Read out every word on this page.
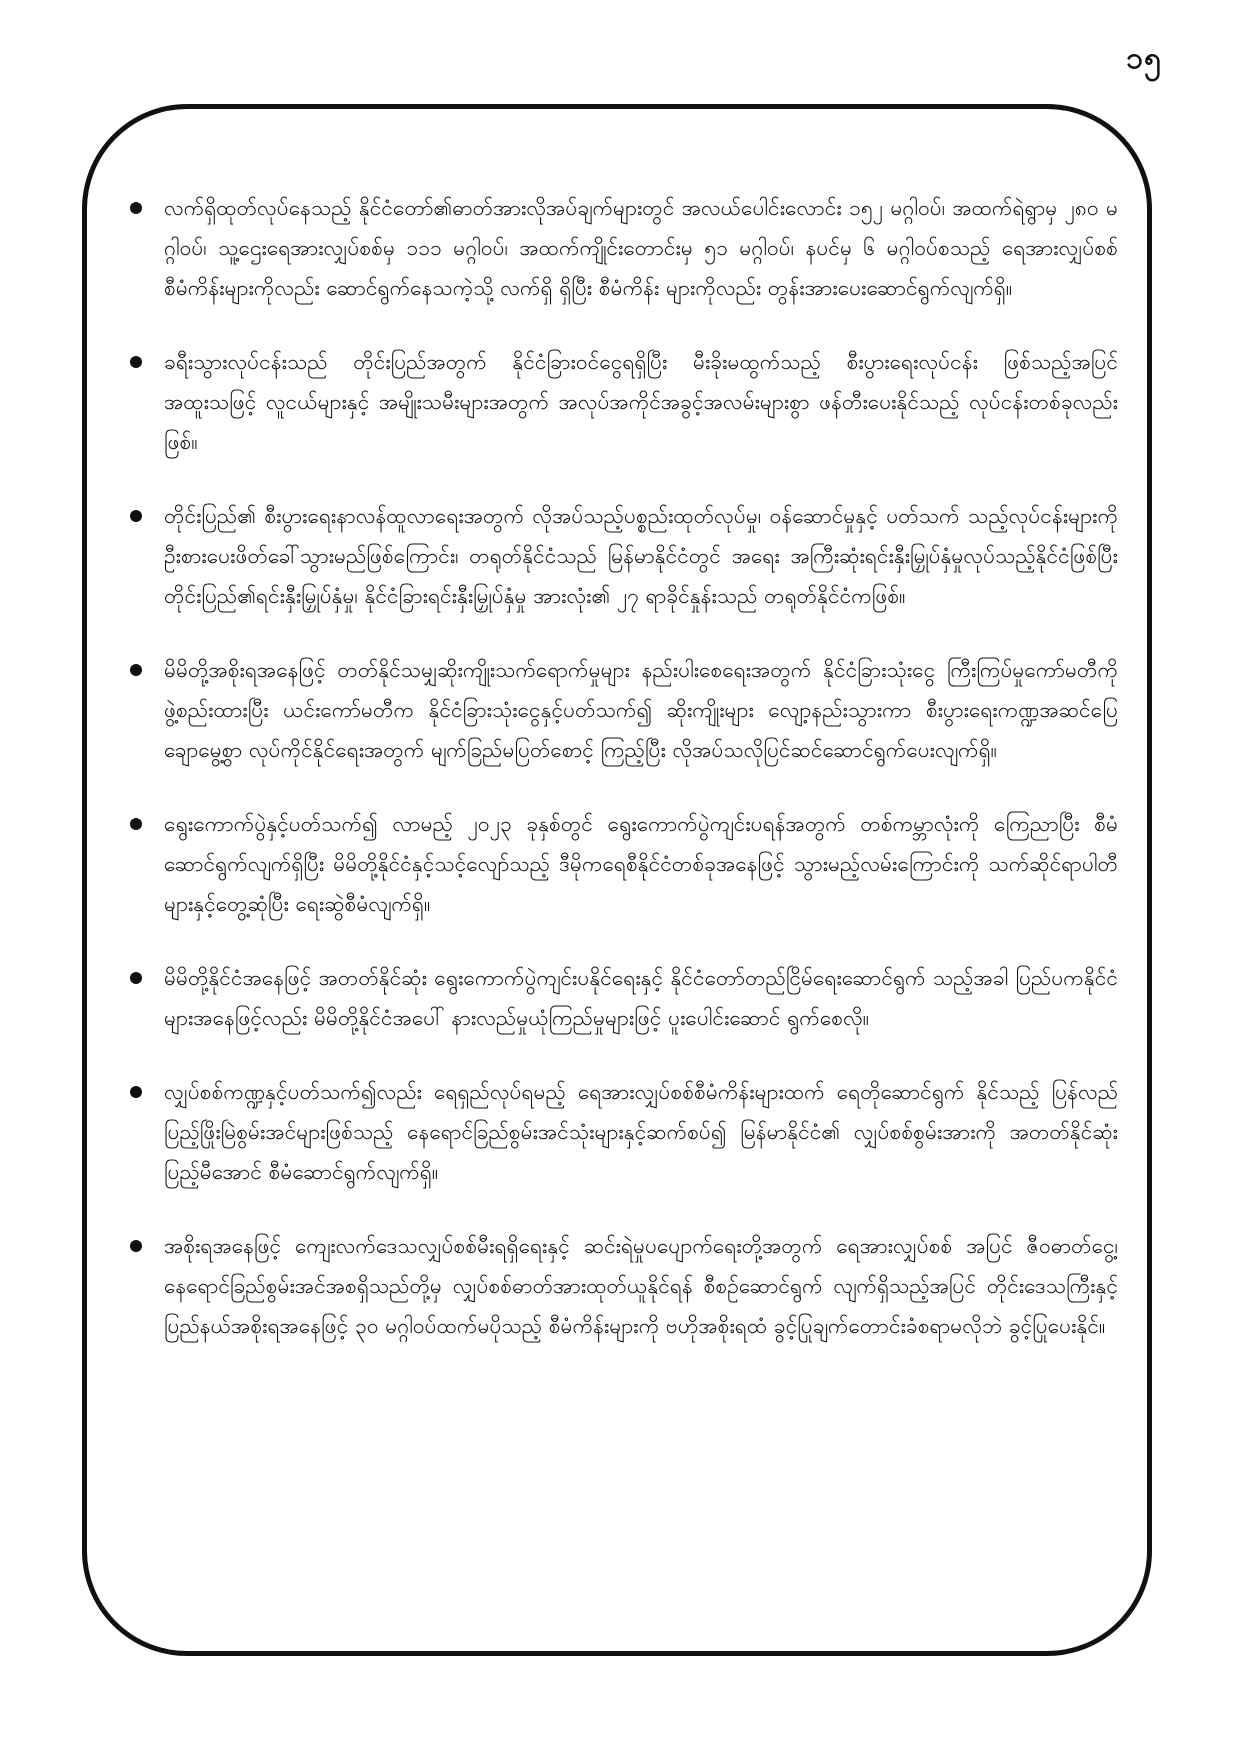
၁၅
လက်ရှိထုတ်လုပ်နေသည့် နိုင်ငံတော်၏ဓာတ်အားလိုအပ်ချက်များတွင် အလယ်ပေါင်းလောင်း ၁၅၂ မဂ္ဂါဝပ်၊ အထက်ရဲရွာမှ ၂၈၀ မဂ္ဂါဝပ်၊ သူ့ဌေးရေအားလျှပ်စစ်မှ ၁၁၁ မဂ္ဂါဝပ်၊ အထက်ကျိုင်းတောင်းမှ ၅၁ မဂ္ဂါဝပ်၊ နပင်မှ ၆ မဂ္ဂါဝပ်စသည့် ရေအားလျှပ်စစ်စီမံကိန်းများကိုလည်း ဆောင်ရွက်နေသကဲ့သို့ လက်ရှိ ရှိပြီး စီမံကိန်း များကိုလည်း တွန်းအားပေးဆောင်ရွက်လျက်ရှိ။
ခရီးသွားလုပ်ငန်းသည် တိုင်းပြည်အတွက် နိုင်ငံခြားဝင်ငွေရရှိပြီး မီးခိုးမထွက်သည့် စီးပွားရေးလုပ်ငန်း ဖြစ်သည့်အပြင် အထူးသဖြင့် လူငယ်များနှင့် အမျိုးသမီးများအတွက် အလုပ်အကိုင်အခွင့်အလမ်းများစွာ ဖန်တီးပေးနိုင်သည့် လုပ်ငန်းတစ်ခုလည်းဖြစ်။
တိုင်းပြည်၏ စီးပွားရေးနာလန်ထူလာရေးအတွက် လိုအပ်သည့်ပစ္စည်းထုတ်လုပ်မှု၊ ဝန်ဆောင်မှုနှင့် ပတ်သက် သည့်လုပ်ငန်းများကို ဦးစားပေးဖိတ်ခေါ်သွားမည်ဖြစ်ကြောင်း၊ တရုတ်နိုင်ငံသည် မြန်မာနိုင်ငံတွင် အရေး အကြီးဆုံးရင်းနှီးမြှုပ်နှံမှုလုပ်သည့်နိုင်ငံဖြစ်ပြီး တိုင်းပြည်၏ရင်းနှီးမြှုပ်နှံမှု၊ နိုင်ငံခြားရင်းနှီးမြှုပ်နှံမှု အားလုံး၏ ၂၇ ရာခိုင်နှုန်းသည် တရုတ်နိုင်ငံကဖြစ်။
မိမိတို့အစိုးရအနေဖြင့် တတ်နိုင်သမျှဆိုးကျိုးသက်ရောက်မှုများ နည်းပါးစေရေးအတွက် နိုင်ငံခြားသုံးငွေ ကြီးကြပ်မှုကော်မတီကိုဖွဲ့စည်းထားပြီး ယင်းကော်မတီက နိုင်ငံခြားသုံးငွေနှင့်ပတ်သက်၍ ဆိုးကျိုးများ လျော့နည်းသွားကာ စီးပွားရေးကဏ္ဍအဆင်ပြေချောမွေ့စွာ လုပ်ကိုင်နိုင်ရေးအတွက် မျက်ခြည်မပြတ်စောင့် ကြည့်ပြီး လိုအပ်သလိုပြင်ဆင်ဆောင်ရွက်ပေးလျက်ရှိ။
ရွေးကောက်ပွဲနှင့်ပတ်သက်၍ လာမည့် ၂၀၂၃ ခုနှစ်တွင် ရွေးကောက်ပွဲကျင်းပရန်အတွက် တစ်ကမ္ဘာလုံးကို ကြေညာပြီး စီမံဆောင်ရွက်လျက်ရှိပြီး မိမိတို့နိုင်ငံနှင့်သင့်လျော်သည့် ဒီမိုကရေစီနိုင်ငံတစ်ခုအနေဖြင့် သွားမည့်လမ်းကြောင်းကို သက်ဆိုင်ရာပါတီများနှင့်တွေ့ဆုံပြီး ရေးဆွဲစီမံလျက်ရှိ။
မိမိတို့နိုင်ငံအနေဖြင့် အတတ်နိုင်ဆုံး ရွေးကောက်ပွဲကျင်းပနိုင်ရေးနှင့် နိုင်ငံတော်တည်ငြိမ်ရေးဆောင်ရွက် သည့်အခါ ပြည်ပကနိုင်ငံများအနေဖြင့်လည်း မိမိတို့နိုင်ငံအပေါ် နားလည်မှုယုံကြည်မှုများဖြင့် ပူးပေါင်းဆောင် ရွက်စေလို။
လျှပ်စစ်ကဏ္ဍနှင့်ပတ်သက်၍လည်း ရေရှည်လုပ်ရမည့် ရေအားလျှပ်စစ်စီမံကိန်းများထက် ရေတိုဆောင်ရွက် နိုင်သည့် ပြန်လည်ပြည့်ဖြိုးမြဲစွမ်းအင်များဖြစ်သည့် နေရောင်ခြည်စွမ်းအင်သုံးများနှင့်ဆက်စပ်၍ မြန်မာနိုင်ငံ၏ လျှပ်စစ်စွမ်းအားကို အတတ်နိုင်ဆုံးပြည့်မီအောင် စီမံဆောင်ရွက်လျက်ရှိ။
အစိုးရအနေဖြင့် ကျေးလက်ဒေသလျှပ်စစ်မီးရရှိရေးနှင့် ဆင်းရဲမှုပပျောက်ရေးတို့အတွက် ရေအားလျှပ်စစ် အပြင် ဇီဝဓာတ်ငွေ့၊ နေရောင်ခြည်စွမ်းအင်အစရှိသည်တို့မှ လျှပ်စစ်ဓာတ်အားထုတ်ယူနိုင်ရန် စီစဉ်ဆောင်ရွက် လျက်ရှိသည့်အပြင် တိုင်းဒေသကြီးနှင့် ပြည်နယ်အစိုးရအနေဖြင့် ၃၀ မဂ္ဂါဝပ်ထက်မပိုသည့် စီမံကိန်းများကို ဗဟိုအစိုးရထံ ခွင့်ပြုချက်တောင်းခံစရာမလိုဘဲ ခွင့်ပြုပေးနိုင်။
